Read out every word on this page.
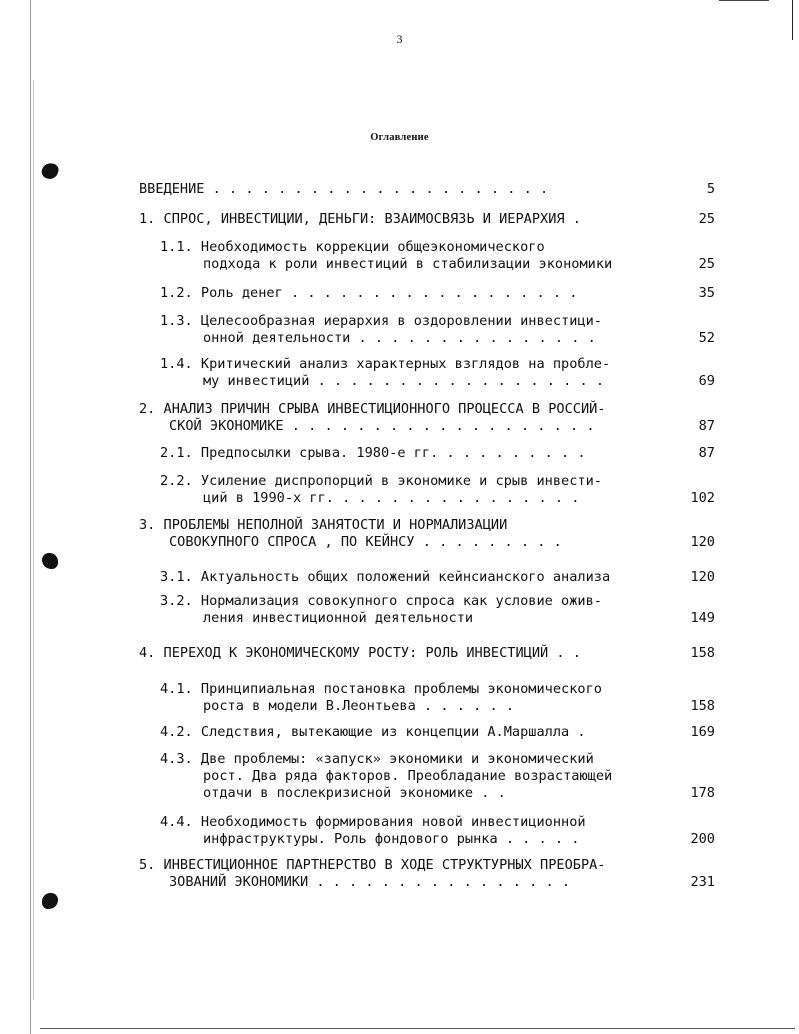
3
Оглавление
ВВЕДЕНИЕ . . . . . . . . . . . . . . . . . . . . .	5
1. СПРОС, ИНВЕСТИЦИИ, ДЕНЬГИ: ВЗАИМОСВЯЗЬ И ИЕРАРХИЯ .	25
1.1. Необходимость коррекции общеэкономического
подхода к роли инвестиций в стабилизации экономики	25
1.2. Роль денег . . . . . . . . . . . . . . . . . .	35
1.3. Целесообразная иерархия в оздоровлении инвестици-
онной деятельности . . . . . . . . . . . . . . .	52
1.4. Критический анализ характерных взглядов на пробле-
му инвестиций . . . . . . . . . . . . . . . . . .	69
2. АНАЛИЗ ПРИЧИН СРЫВА ИНВЕСТИЦИОННОГО ПРОЦЕССА В РОССИЙ-
СКОЙ ЭКОНОМИКЕ . . . . . . . . . . . . . . . . . . .	87
2.1. Предпосылки срыва. 1980-е гг. . . . . . . . . .	87
2.2. Усиление диспропорций в экономике и срыв инвести-
ций в 1990-х гг. . . . . . . . . . . . . . . .	102
3. ПРОБЛЕМЫ НЕПОЛНОЙ ЗАНЯТОСТИ И НОРМАЛИЗАЦИИ
СОВОКУПНОГО СПРОСА , ПО КЕЙНСУ . . . . . . . . .	120
3.1. Актуальность общих положений кейнсианского анализа	120
3.2. Нормализация совокупного спроса как условие ожив-
ления инвестиционной деятельности	149
4. ПЕРЕХОД К ЭКОНОМИЧЕСКОМУ РОСТУ: РОЛЬ ИНВЕСТИЦИЙ . .	158
4.1. Принципиальная постановка проблемы экономического
роста в модели В.Леонтьева . . . . . .	158
4.2. Следствия, вытекающие из концепции А.Маршалла .	169
4.3. Две проблемы: «запуск» экономики и экономический
рост. Два ряда факторов. Преобладание возрастающей
отдачи в послекризисной экономике . .	178
4.4. Необходимость формирования новой инвестиционной
инфраструктуры. Роль фондового рынка . . . . .	200
5. ИНВЕСТИЦИОННОЕ ПАРТНЕРСТВО В ХОДЕ СТРУКТУРНЫХ ПРЕОБРА-
ЗОВАНИЙ ЭКОНОМИКИ . . . . . . . . . . . . . . . .	231
